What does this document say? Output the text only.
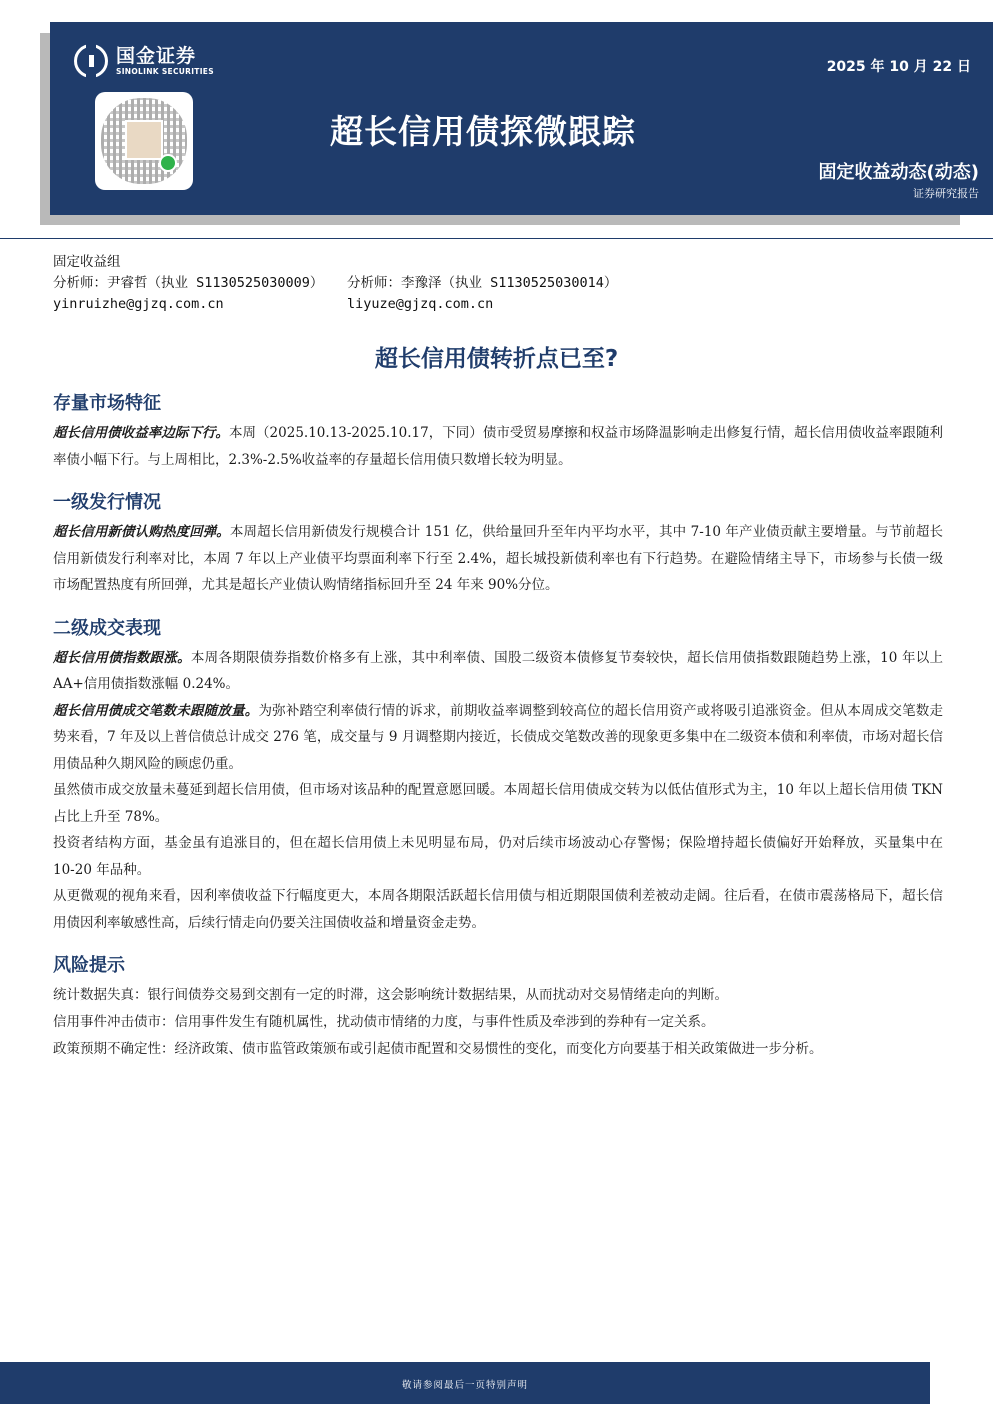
国金证券
SINOLINK SECURITIES	2025 年 10 月 22 日
超长信用债探微跟踪
固定收益动态(动态)
证券研究报告
固定收益组
分析师：尹睿哲（执业 S1130525030009） 分析师：李豫泽（执业 S1130525030014）
yinruizhe@gjzq.com.cn	liyuze@gjzq.com.cn
超长信用债转折点已至?
存量市场特征

超长信用债收益率边际下行。本周（2025.10.13-2025.10.17，下同）债市受贸易摩擦和权益市场降温影响走出修复行情，超长信用债收益率跟随利率债小幅下行。与上周相比，2.3%-2.5%收益率的存量超长信用债只数增长较为明显。

一级发行情况

超长信用新债认购热度回弹。本周超长信用新债发行规模合计 151 亿，供给量回升至年内平均水平，其中 7-10 年产业债贡献主要增量。与节前超长信用新债发行利率对比，本周 7 年以上产业债平均票面利率下行至 2.4%，超长城投新债利率也有下行趋势。在避险情绪主导下，市场参与长债一级市场配置热度有所回弹，尤其是超长产业债认购情绪指标回升至 24 年来 90%分位。

二级成交表现

超长信用债指数跟涨。本周各期限债券指数价格多有上涨，其中利率债、国股二级资本债修复节奏较快，超长信用债指数跟随趋势上涨，10 年以上 AA+信用债指数涨幅 0.24%。

超长信用债成交笔数未跟随放量。为弥补踏空利率债行情的诉求，前期收益率调整到较高位的超长信用资产或将吸引追涨资金。但从本周成交笔数走势来看，7 年及以上普信债总计成交 276 笔，成交量与 9 月调整期内接近，长债成交笔数改善的现象更多集中在二级资本债和利率债，市场对超长信用债品种久期风险的顾虑仍重。

虽然债市成交放量未蔓延到超长信用债，但市场对该品种的配置意愿回暖。本周超长信用债成交转为以低估值形式为主，10 年以上超长信用债 TKN 占比上升至 78%。

投资者结构方面，基金虽有追涨目的，但在超长信用债上未见明显布局，仍对后续市场波动心存警惕；保险增持超长债偏好开始释放，买量集中在 10-20 年品种。

从更微观的视角来看，因利率债收益下行幅度更大，本周各期限活跃超长信用债与相近期限国债利差被动走阔。往后看，在债市震荡格局下，超长信用债因利率敏感性高，后续行情走向仍要关注国债收益和增量资金走势。

风险提示

统计数据失真：银行间债券交易到交割有一定的时滞，这会影响统计数据结果，从而扰动对交易情绪走向的判断。

信用事件冲击债市：信用事件发生有随机属性，扰动债市情绪的力度，与事件性质及牵涉到的券种有一定关系。

政策预期不确定性：经济政策、债市监管政策颁布或引起债市配置和交易惯性的变化，而变化方向要基于相关政策做进一步分析。

敬请参阅最后一页特别声明
